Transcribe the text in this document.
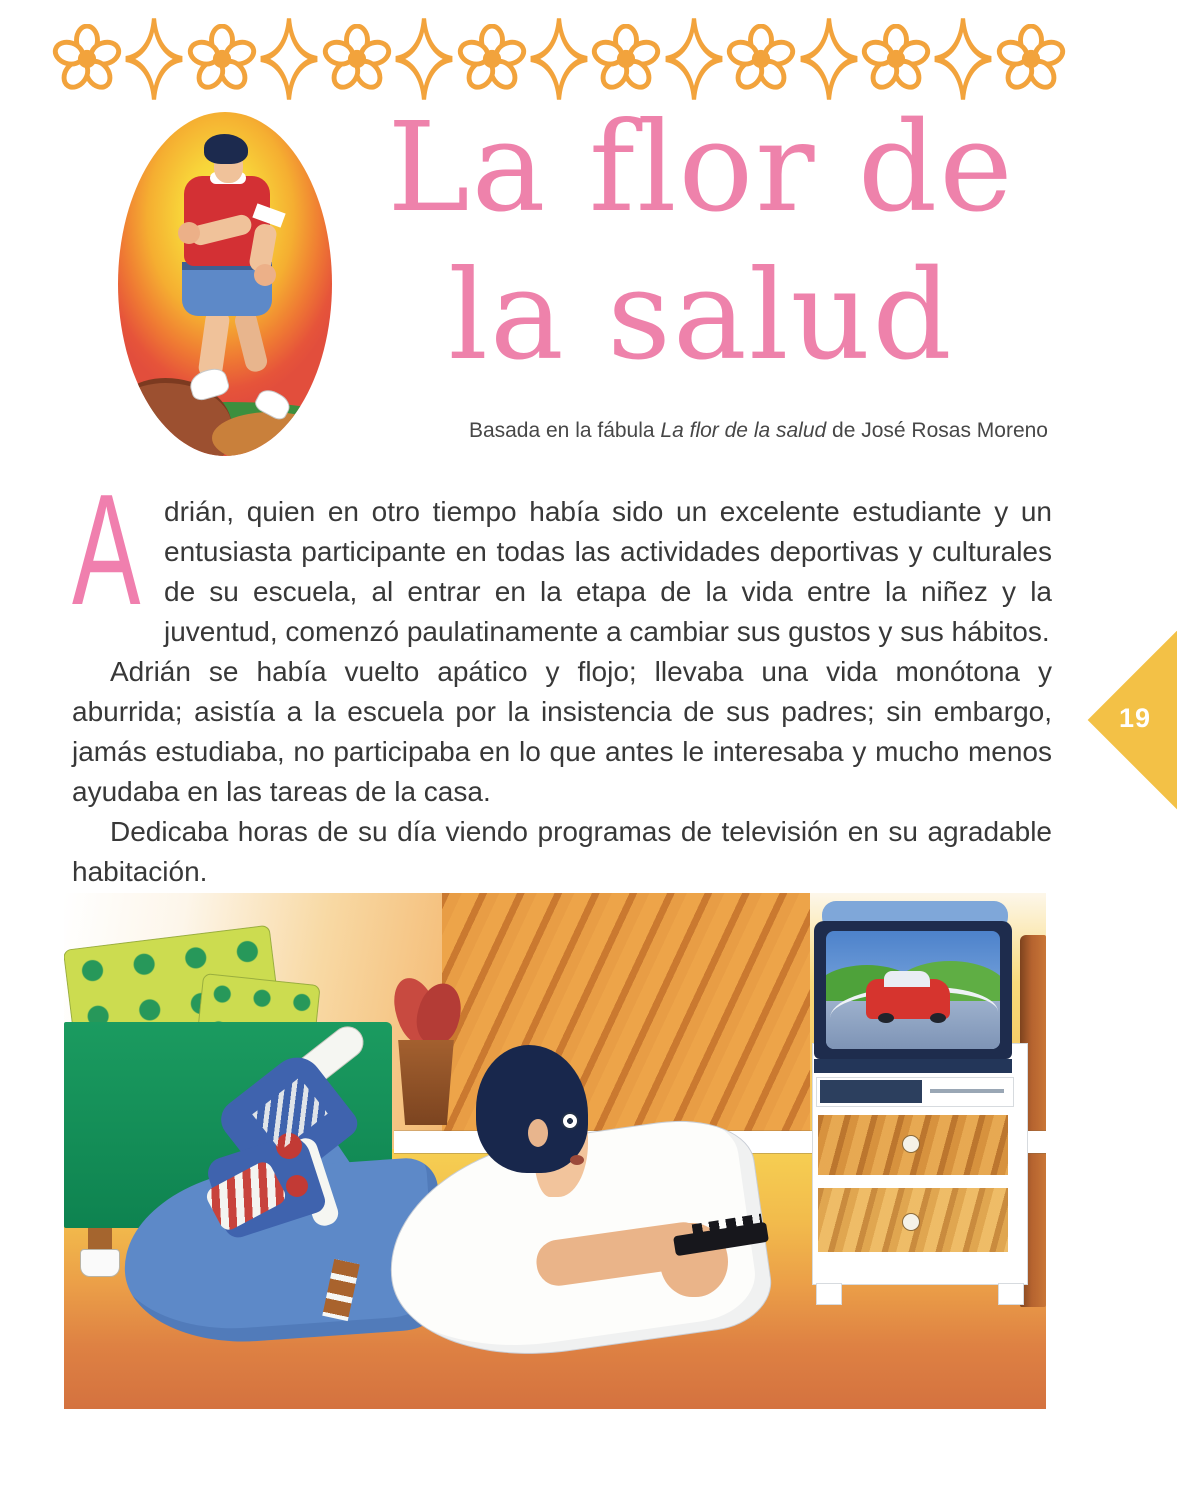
La flor de
la salud
Basada en la fábula La flor de la salud de José Rosas Moreno

Adrián, quien en otro tiempo había sido un excelente estudiante y un entusiasta participante en todas las actividades deportivas y culturales de su escuela, al entrar en la etapa de la vida entre la niñez y la juventud, comenzó paulatinamente a cambiar sus gustos y sus hábitos.

Adrián se había vuelto apático y flojo; llevaba una vida monótona y aburrida; asistía a la escuela por la insistencia de sus padres; sin embargo, jamás estudiaba, no participaba en lo que antes le interesaba y mucho menos ayudaba en las tareas de la casa.

Dedicaba horas de su día viendo programas de televisión en su agradable habitación.

19
